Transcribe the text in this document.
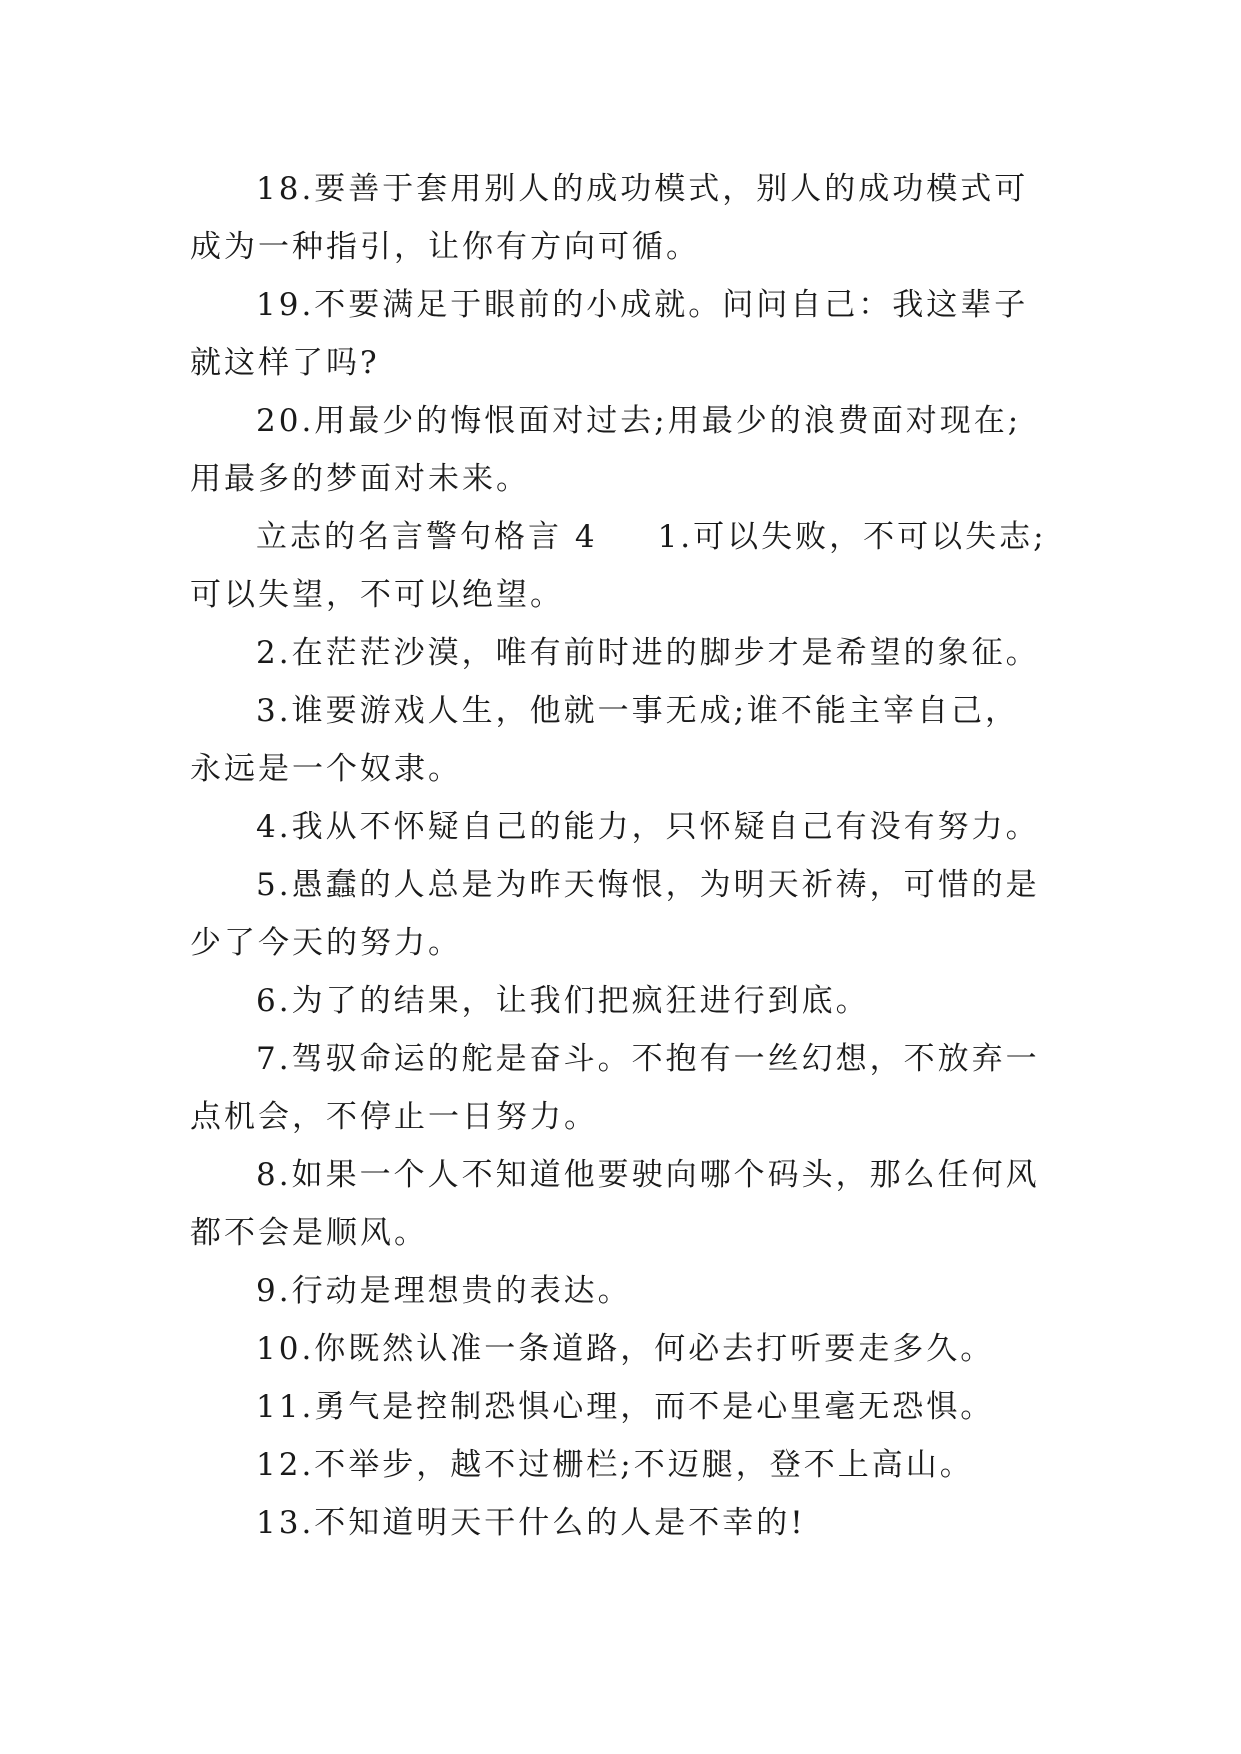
18.要善于套用别人的成功模式，别人的成功模式可成为一种指引，让你有方向可循。

19.不要满足于眼前的小成就。问问自己：我这辈子就这样了吗?

20.用最少的悔恨面对过去;用最少的浪费面对现在;用最多的梦面对未来。

立志的名言警句格言 4 1.可以失败，不可以失志;可以失望，不可以绝望。

2.在茫茫沙漠，唯有前时进的脚步才是希望的象征。

3.谁要游戏人生，他就一事无成;谁不能主宰自己，永远是一个奴隶。

4.我从不怀疑自己的能力，只怀疑自己有没有努力。

5.愚蠢的人总是为昨天悔恨，为明天祈祷，可惜的是少了今天的努力。

6.为了的结果，让我们把疯狂进行到底。

7.驾驭命运的舵是奋斗。不抱有一丝幻想，不放弃一点机会，不停止一日努力。

8.如果一个人不知道他要驶向哪个码头，那么任何风都不会是顺风。

9.行动是理想贵的表达。

10.你既然认准一条道路，何必去打听要走多久。

11.勇气是控制恐惧心理，而不是心里毫无恐惧。

12.不举步，越不过栅栏;不迈腿，登不上高山。

13.不知道明天干什么的人是不幸的!
